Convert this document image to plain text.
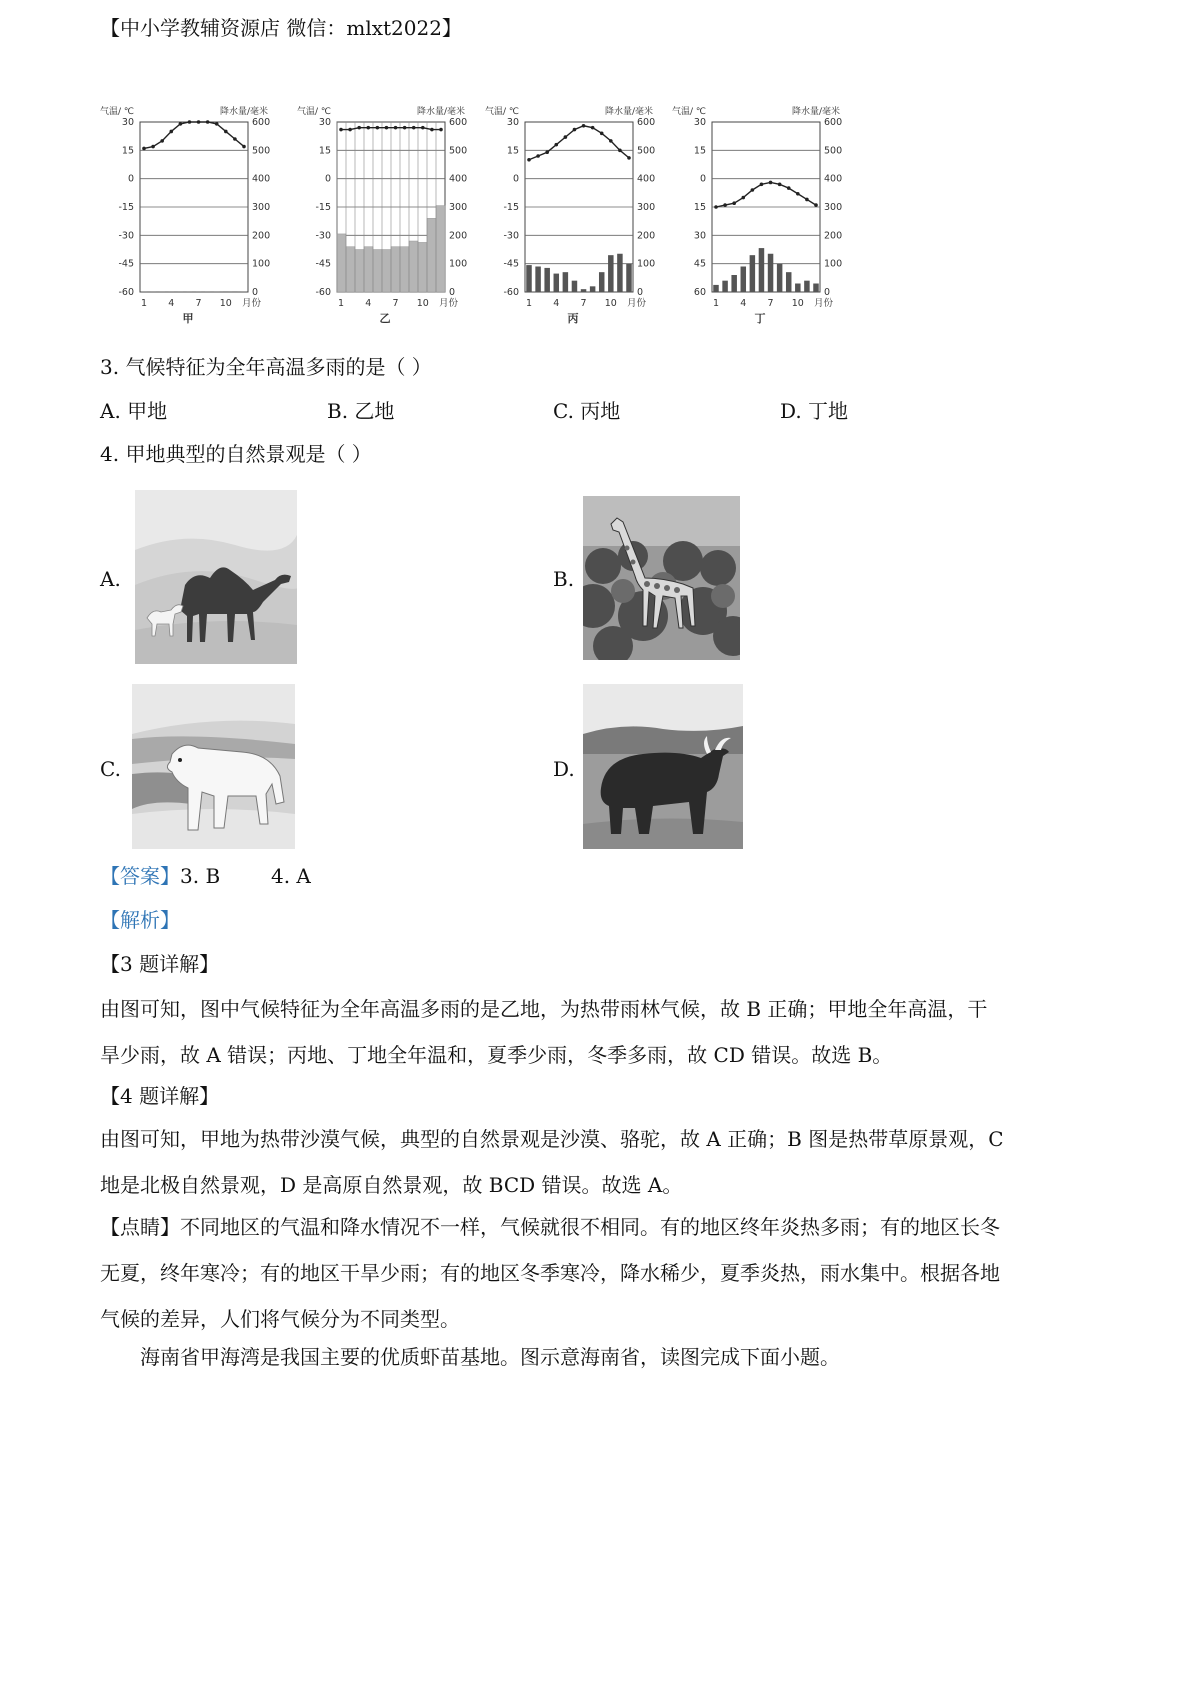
【中小学教辅资源店 微信：mlxt2022】
气温/ ℃	降水量/毫米
30	600
15	500
0	400
-15	300
-30	200
-45	100
-60	0
1 4 7 10 月份
甲
气温/ ℃	降水量/毫米
30	600
15	500
0	400
-15	300
-30	200
-45	100
-60	0
1 4 7 10 月份
乙
气温/ ℃	降水量/毫米
30	600
15	500
0	400
-15	300
-30	200
-45	100
-60	0
1 4 7 10 月份
丙
气温/ ℃	降水量/毫米
30	600
15	500
0	400
15	300
30	200
45	100
60	0
1 4 7 10 月份
丁
3. 气候特征为全年高温多雨的是（ ）
A. 甲地	B. 乙地	C. 丙地	D. 丁地
4. 甲地典型的自然景观是（ ）
A.	B.
C.	D.
【答案】3. B        4. A
【解析】
【3 题详解】
由图可知，图中气候特征为全年高温多雨的是乙地，为热带雨林气候，故 B 正确；甲地全年高温，干旱少雨，故 A 错误；丙地、丁地全年温和，夏季少雨，冬季多雨，故 CD 错误。故选 B。
【4 题详解】
由图可知，甲地为热带沙漠气候，典型的自然景观是沙漠、骆驼，故 A 正确；B 图是热带草原景观，C 地是北极自然景观，D 是高原自然景观，故 BCD 错误。故选 A。
【点睛】不同地区的气温和降水情况不一样，气候就很不相同。有的地区终年炎热多雨；有的地区长冬无夏，终年寒冷；有的地区干旱少雨；有的地区冬季寒冷，降水稀少，夏季炎热，雨水集中。根据各地气候的差异，人们将气候分为不同类型。
海南省甲海湾是我国主要的优质虾苗基地。图示意海南省，读图完成下面小题。
